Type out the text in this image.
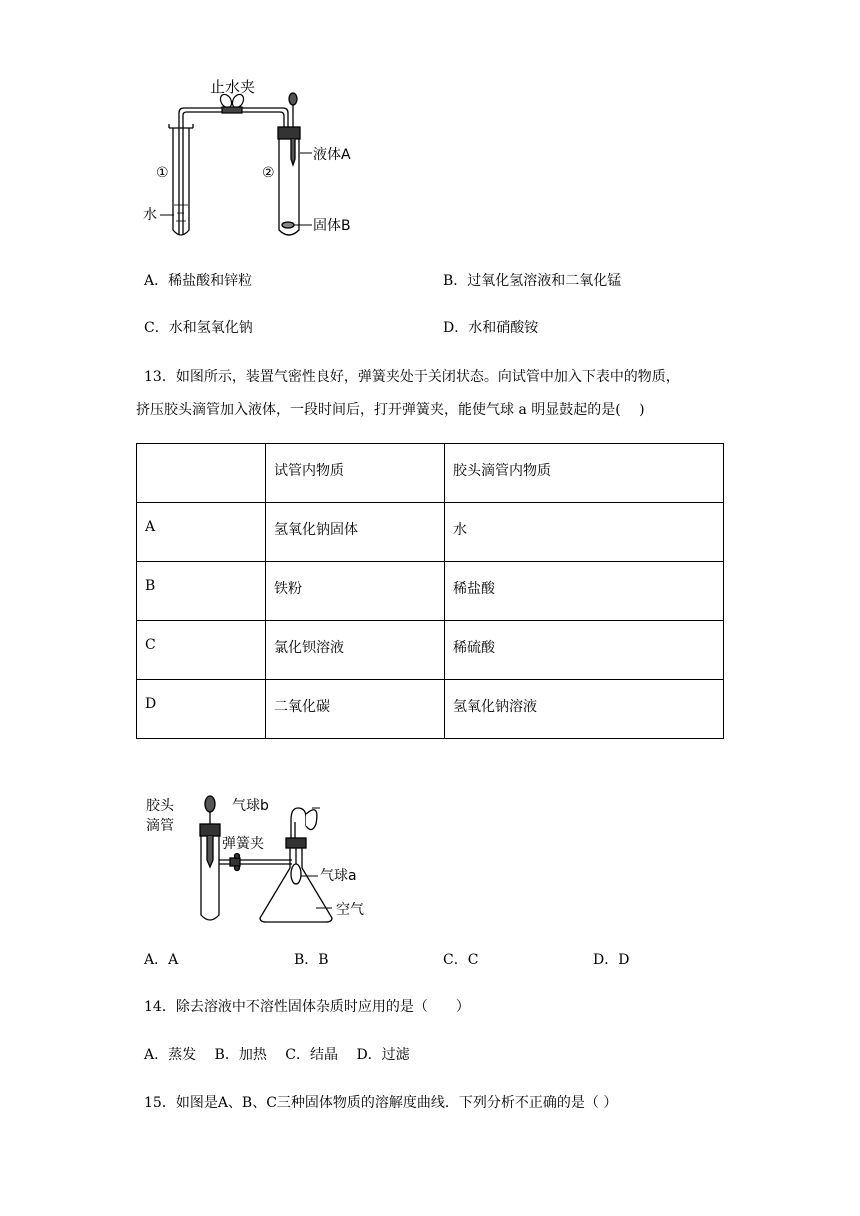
止水夹
①	②
水
液体A
固体B
A．稀盐酸和锌粒	B．过氧化氢溶液和二氧化锰
C．水和氢氧化钠	D．水和硝酸铵
13．如图所示，装置气密性良好，弹簧夹处于关闭状态。向试管中加入下表中的物质，
挤压胶头滴管加入液体，一段时间后，打开弹簧夹，能使气球 a 明显鼓起的是(　 )
	试管内物质	胶头滴管内物质
A	氢氧化钠固体	水
B	铁粉	稀盐酸
C	氯化钡溶液	稀硫酸
D	二氧化碳	氢氧化钠溶液
胶头
滴管
弹簧夹
气球b
气球a
空气
A．A	B．B	C．C	D．D
14．除去溶液中不溶性固体杂质时应用的是（　　）
A．蒸发　 B．加热　 C．结晶　 D．过滤
15．如图是A、B、C三种固体物质的溶解度曲线．下列分析不正确的是（ ）
